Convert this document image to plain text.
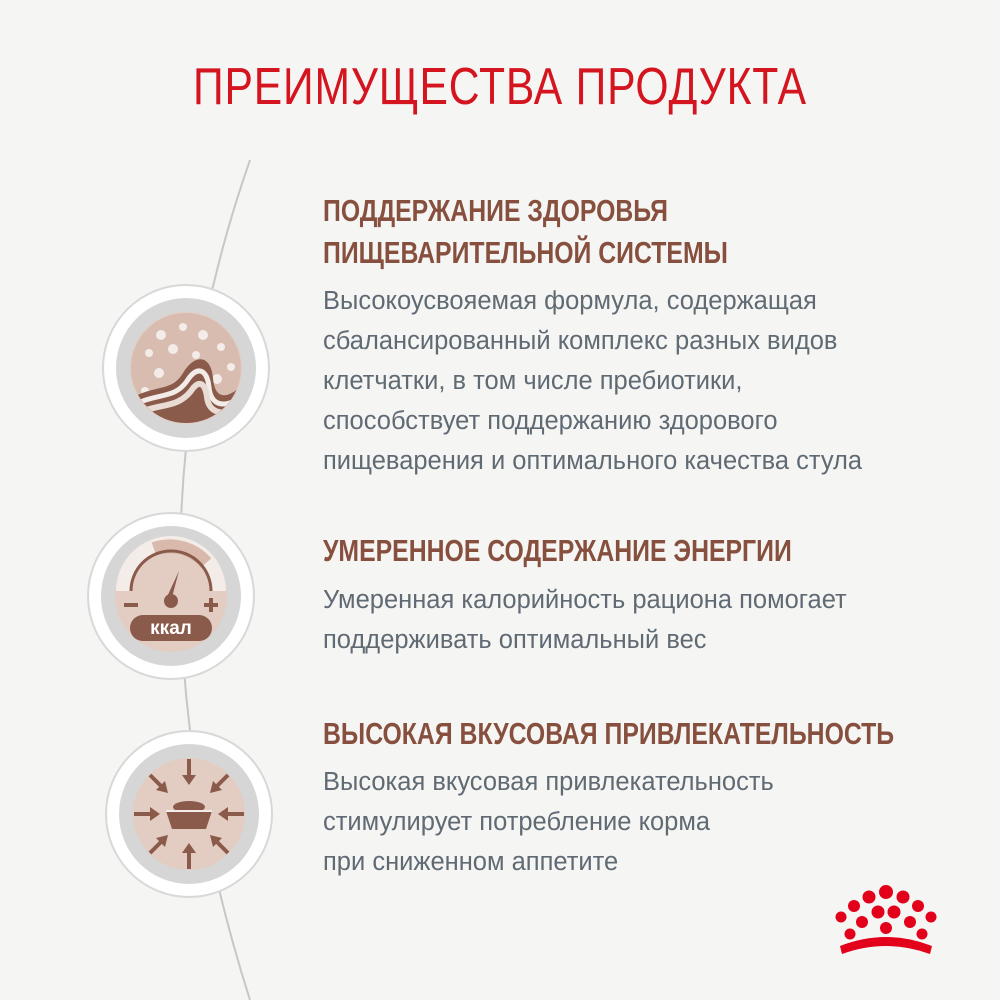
ПРЕИМУЩЕСТВА ПРОДУКТА
ПОДДЕРЖАНИЕ ЗДОРОВЬЯ
ПИЩЕВАРИТЕЛЬНОЙ СИСТЕМЫ
Высокоусвояемая формула, содержащая
сбалансированный комплекс разных видов
клетчатки, в том числе пребиотики,
способствует поддержанию здорового
пищеварения и оптимального качества стула
ккал
УМЕРЕННОЕ СОДЕРЖАНИЕ ЭНЕРГИИ
Умеренная калорийность рациона помогает
поддерживать оптимальный вес
ВЫСОКАЯ ВКУСОВАЯ ПРИВЛЕКАТЕЛЬНОСТЬ
Высокая вкусовая привлекательность
стимулирует потребление корма
при сниженном аппетите
